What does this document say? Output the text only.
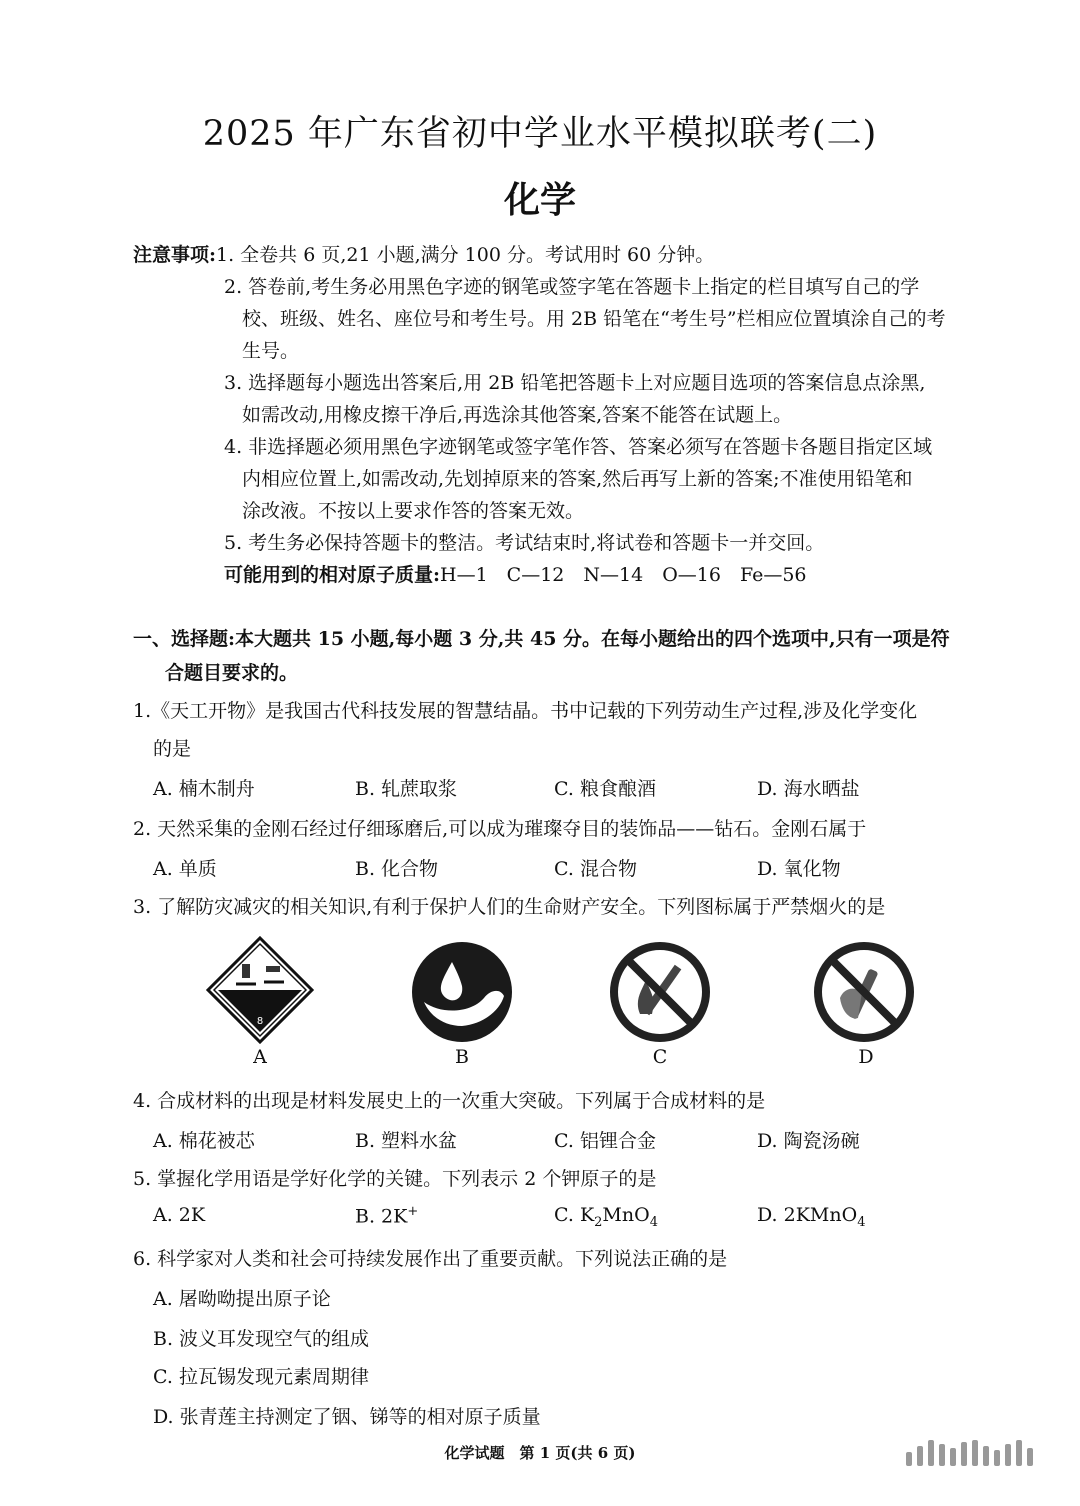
2025 年广东省初中学业水平模拟联考(二)
化学
注意事项:1. 全卷共 6 页,21 小题,满分 100 分。考试用时 60 分钟。
2. 答卷前,考生务必用黑色字迹的钢笔或签字笔在答题卡上指定的栏目填写自己的学
校、班级、姓名、座位号和考生号。用 2B 铅笔在“考生号”栏相应位置填涂自己的考
生号。
3. 选择题每小题选出答案后,用 2B 铅笔把答题卡上对应题目选项的答案信息点涂黑,
如需改动,用橡皮擦干净后,再选涂其他答案,答案不能答在试题上。
4. 非选择题必须用黑色字迹钢笔或签字笔作答、答案必须写在答题卡各题目指定区域
内相应位置上,如需改动,先划掉原来的答案,然后再写上新的答案;不准使用铅笔和
涂改液。不按以上要求作答的答案无效。
5. 考生务必保持答题卡的整洁。考试结束时,将试卷和答题卡一并交回。
可能用到的相对原子质量:H—1　C—12　N—14　O—16　Fe—56
一、选择题:本大题共 15 小题,每小题 3 分,共 45 分。在每小题给出的四个选项中,只有一项是符
合题目要求的。
1.《天工开物》是我国古代科技发展的智慧结晶。书中记载的下列劳动生产过程,涉及化学变化
的是
A. 楠木制舟	B. 轧蔗取浆	C. 粮食酿酒	D. 海水晒盐
2. 天然采集的金刚石经过仔细琢磨后,可以成为璀璨夺目的装饰品——钻石。金刚石属于
A. 单质	B. 化合物	C. 混合物	D. 氧化物
3. 了解防灾减灾的相关知识,有利于保护人们的生命财产安全。下列图标属于严禁烟火的是
8
A	B	C	D
4. 合成材料的出现是材料发展史上的一次重大突破。下列属于合成材料的是
A. 棉花被芯	B. 塑料水盆	C. 铝锂合金	D. 陶瓷汤碗
5. 掌握化学用语是学好化学的关键。下列表示 2 个钾原子的是
A. 2K	B. 2K+	C. $K_2MnO_4$	D. 2KMnO$_4$
6. 科学家对人类和社会可持续发展作出了重要贡献。下列说法正确的是
A. 屠呦呦提出原子论
B. 波义耳发现空气的组成
C. 拉瓦锡发现元素周期律
D. 张青莲主持测定了铟、锑等的相对原子质量
化学试题　第 1 页(共 6 页)
